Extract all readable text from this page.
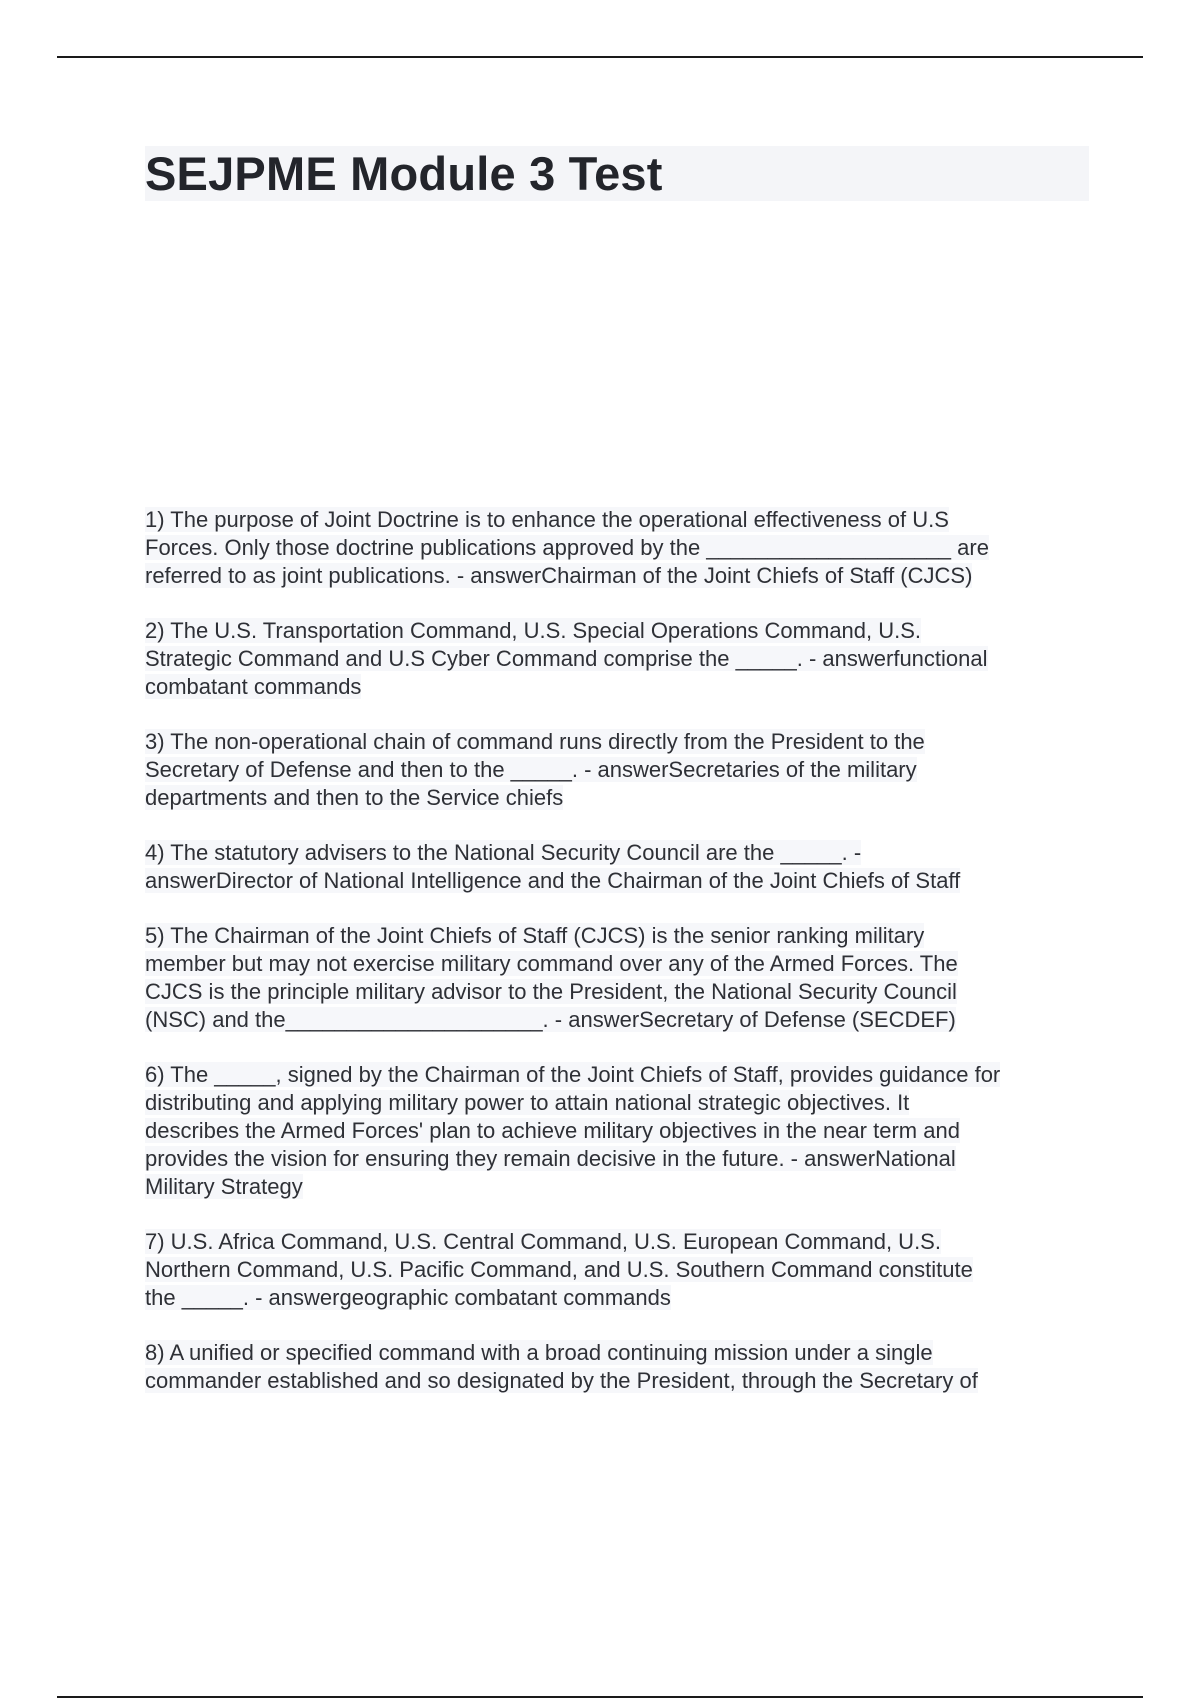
SEJPME Module 3 Test
1) The purpose of Joint Doctrine is to enhance the operational effectiveness of U.S
Forces. Only those doctrine publications approved by the ____________________ are
referred to as joint publications. - answerChairman of the Joint Chiefs of Staff (CJCS)
2) The U.S. Transportation Command, U.S. Special Operations Command, U.S.
Strategic Command and U.S Cyber Command comprise the _____. - answerfunctional
combatant commands
3) The non-operational chain of command runs directly from the President to the
Secretary of Defense and then to the _____. - answerSecretaries of the military
departments and then to the Service chiefs
4) The statutory advisers to the National Security Council are the _____. -
answerDirector of National Intelligence and the Chairman of the Joint Chiefs of Staff
5) The Chairman of the Joint Chiefs of Staff (CJCS) is the senior ranking military
member but may not exercise military command over any of the Armed Forces. The
CJCS is the principle military advisor to the President, the National Security Council
(NSC) and the_____________________. - answerSecretary of Defense (SECDEF)
6) The _____, signed by the Chairman of the Joint Chiefs of Staff, provides guidance for
distributing and applying military power to attain national strategic objectives. It
describes the Armed Forces' plan to achieve military objectives in the near term and
provides the vision for ensuring they remain decisive in the future. - answerNational
Military Strategy
7) U.S. Africa Command, U.S. Central Command, U.S. European Command, U.S.
Northern Command, U.S. Pacific Command, and U.S. Southern Command constitute
the _____. - answergeographic combatant commands
8) A unified or specified command with a broad continuing mission under a single
commander established and so designated by the President, through the Secretary of
